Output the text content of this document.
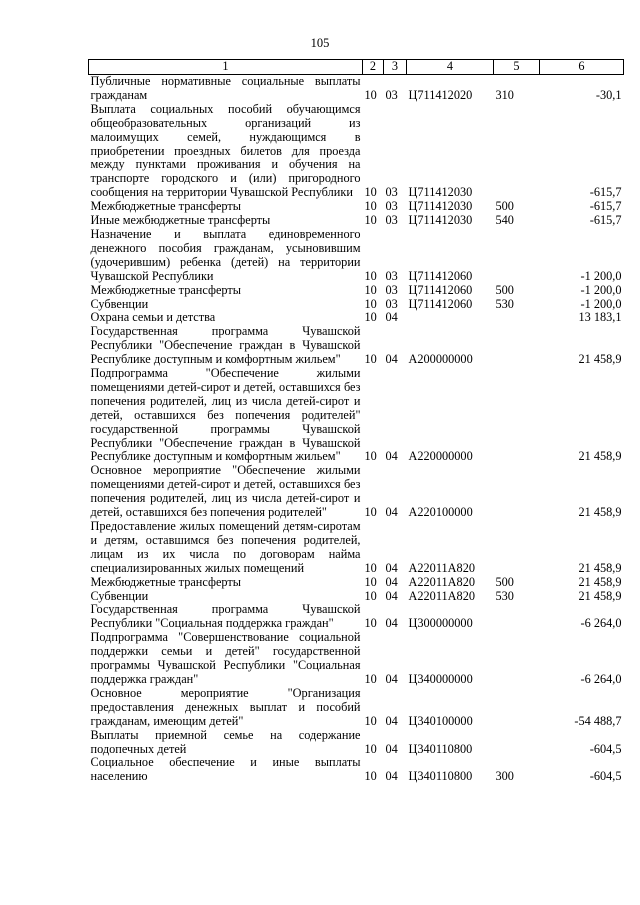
105
1	2	3	4	5	6
Публичные нормативные социальные выплаты гражданам	10	03	Ц711412020	310	-30,1
Выплата социальных пособий обучающимся общеобразовательных организаций из малоимущих семей, нуждающимся в приобретении проездных билетов для проезда между пунктами проживания и обучения на транспорте городского и (или) пригородного сообщения на территории Чувашской Республики	10	03	Ц711412030		-615,7
Межбюджетные трансферты	10	03	Ц711412030	500	-615,7
Иные межбюджетные трансферты	10	03	Ц711412030	540	-615,7
Назначение и выплата единовременного денежного пособия гражданам, усыновившим (удочерившим) ребенка (детей) на территории Чувашской Республики	10	03	Ц711412060		-1 200,0
Межбюджетные трансферты	10	03	Ц711412060	500	-1 200,0
Субвенции	10	03	Ц711412060	530	-1 200,0
Охрана семьи и детства	10	04			13 183,1
Государственная программа Чувашской Республики "Обеспечение граждан в Чувашской Республике доступным и комфортным жильем"	10	04	А200000000		21 458,9
Подпрограмма "Обеспечение жилыми помещениями детей-сирот и детей, оставшихся без попечения родителей, лиц из числа детей-сирот и детей, оставшихся без попечения родителей" государственной программы Чувашской Республики "Обеспечение граждан в Чувашской Республике доступным и комфортным жильем"	10	04	А220000000		21 458,9
Основное мероприятие "Обеспечение жилыми помещениями детей-сирот и детей, оставшихся без попечения родителей, лиц из числа детей-сирот и детей, оставшихся без попечения родителей"	10	04	А220100000		21 458,9
Предоставление жилых помещений детям-сиротам и детям, оставшимся без попечения родителей, лицам из их числа по договорам найма специализированных жилых помещений	10	04	А22011А820		21 458,9
Межбюджетные трансферты	10	04	А22011А820	500	21 458,9
Субвенции	10	04	А22011А820	530	21 458,9
Государственная программа Чувашской Республики "Социальная поддержка граждан"	10	04	Ц300000000		-6 264,0
Подпрограмма "Совершенствование социальной поддержки семьи и детей" государственной программы Чувашской Республики "Социальная поддержка граждан"	10	04	Ц340000000		-6 264,0
Основное мероприятие "Организация предоставления денежных выплат и пособий гражданам, имеющим детей"	10	04	Ц340100000		-54 488,7
Выплаты приемной семье на содержание подопечных детей	10	04	Ц340110800		-604,5
Социальное обеспечение и иные выплаты населению	10	04	Ц340110800	300	-604,5
